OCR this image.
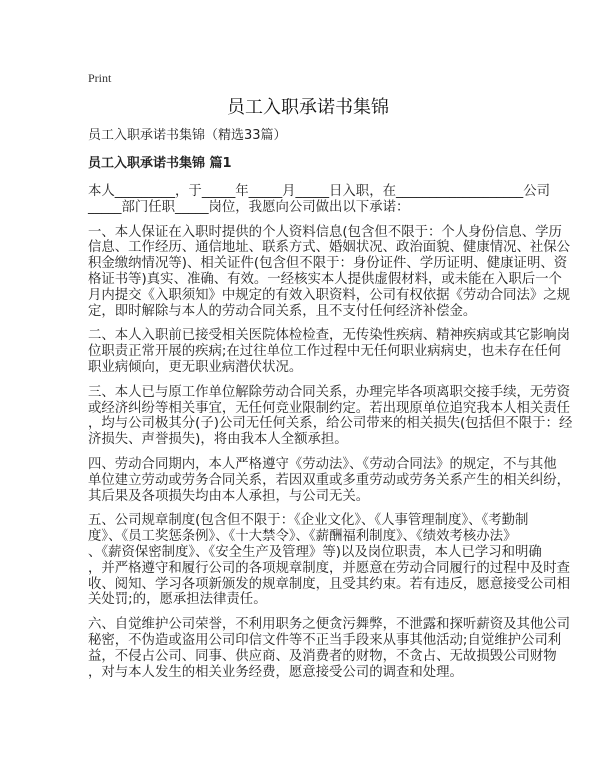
Print
员工入职承诺书集锦
员工入职承诺书集锦（精选33篇）
员工入职承诺书集锦 篇1
本人_________，于_____年_____月_____日入职，在___________________公司
_____部门任职_____岗位，我愿向公司做出以下承诺：
一、本人保证在入职时提供的个人资料信息(包含但不限于：个人身份信息、学历
信息、工作经历、通信地址、联系方式、婚姻状况、政治面貌、健康情况、社保公
积金缴纳情况等)、相关证件(包含但不限于：身份证件、学历证明、健康证明、资
格证书等)真实、准确、有效。一经核实本人提供虚假材料，或未能在入职后一个
月内提交《入职须知》中规定的有效入职资料，公司有权依据《劳动合同法》之规
定，即时解除与本人的劳动合同关系，且不支付任何经济补偿金。
二、本人入职前已接受相关医院体检检查，无传染性疾病、精神疾病或其它影响岗
位职责正常开展的疾病;在过往单位工作过程中无任何职业病病史，也未存在任何
职业病倾向，更无职业病潜伏状况。
三、本人已与原工作单位解除劳动合同关系，办理完毕各项离职交接手续，无劳资
或经济纠纷等相关事宜，无任何竞业限制约定。若出现原单位追究我本人相关责任
，均与公司极其分(子)公司无任何关系，给公司带来的相关损失(包括但不限于：经
济损失、声誉损失)，将由我本人全额承担。
四、劳动合同期内，本人严格遵守《劳动法》、《劳动合同法》的规定，不与其他
单位建立劳动或劳务合同关系，若因双重或多重劳动或劳务关系产生的相关纠纷，
其后果及各项损失均由本人承担，与公司无关。
五、公司规章制度(包含但不限于：《企业文化》、《人事管理制度》、《考勤制
度》、《员工奖惩条例》、《十大禁令》、《薪酬福利制度》、《绩效考核办法》
、《薪资保密制度》、《安全生产及管理》等)以及岗位职责，本人已学习和明确
，并严格遵守和履行公司的各项规章制度，并愿意在劳动合同履行的过程中及时查
收、阅知、学习各项新颁发的规章制度，且受其约束。若有违反，愿意接受公司相
关处罚;的，愿承担法律责任。
六、自觉维护公司荣誉，不利用职务之便贪污舞弊，不泄露和探听薪资及其他公司
秘密，不伪造或盗用公司印信文件等不正当手段来从事其他活动;自觉维护公司利
益，不侵占公司、同事、供应商、及消费者的财物，不贪占、无故损毁公司财物
，对与本人发生的相关业务经费，愿意接受公司的调查和处理。
